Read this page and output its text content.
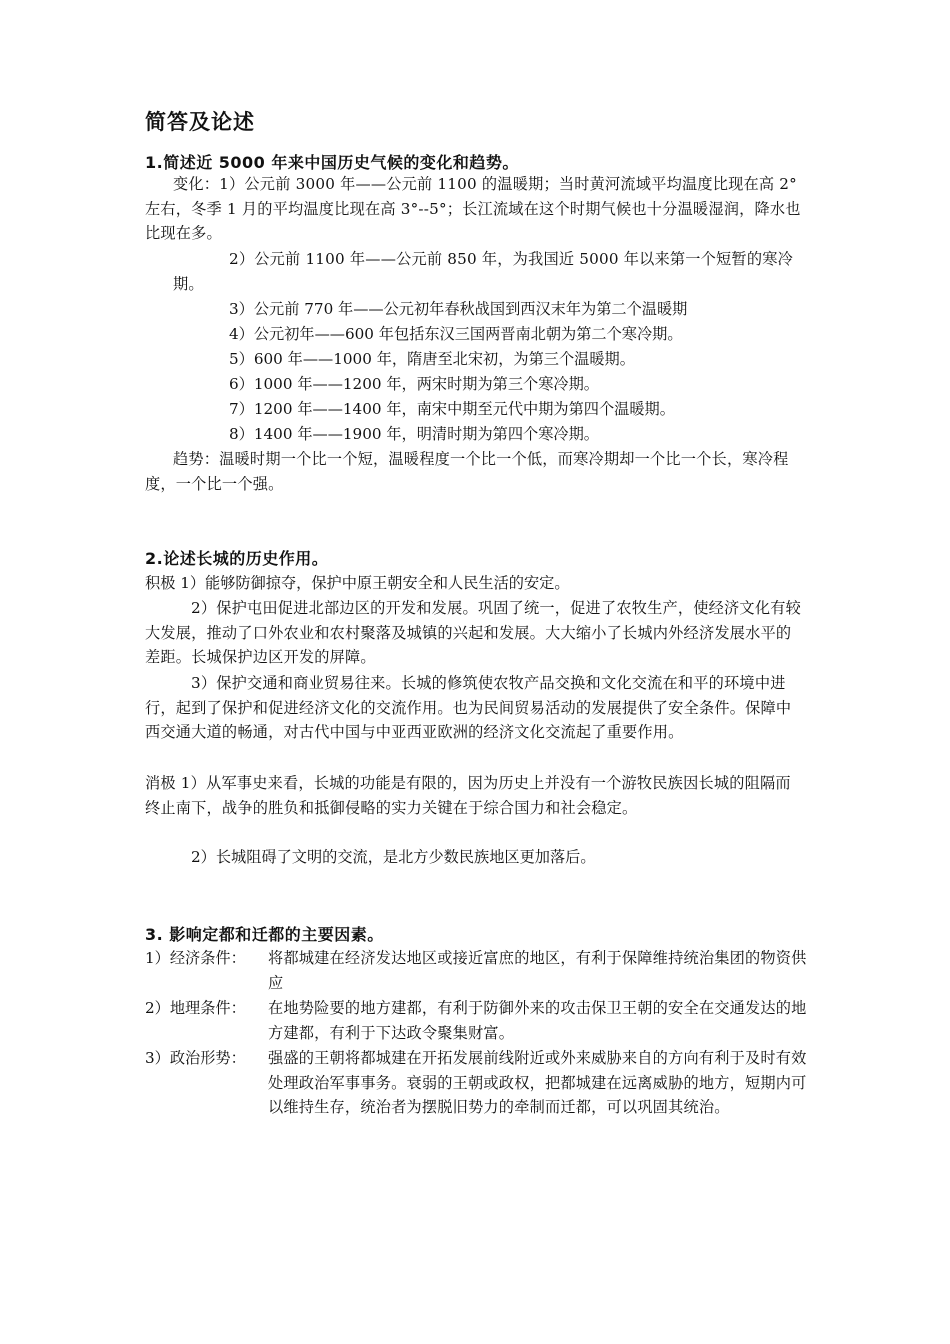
简答及论述
1.简述近 5000 年来中国历史气候的变化和趋势。
变化：1）公元前 3000 年——公元前 1100 的温暖期；当时黄河流域平均温度比现在高 2°左右，冬季 1 月的平均温度比现在高 3°--5°；长江流域在这个时期气候也十分温暖湿润，降水也比现在多。
2）公元前 1100 年——公元前 850 年，为我国近 5000 年以来第一个短暂的寒冷期。
3）公元前 770 年——公元初年春秋战国到西汉末年为第二个温暖期
4）公元初年——600 年包括东汉三国两晋南北朝为第二个寒冷期。
5）600 年——1000 年，隋唐至北宋初，为第三个温暖期。
6）1000 年——1200 年，两宋时期为第三个寒冷期。
7）1200 年——1400 年，南宋中期至元代中期为第四个温暖期。
8）1400 年——1900 年，明清时期为第四个寒冷期。
趋势：温暖时期一个比一个短，温暖程度一个比一个低，而寒冷期却一个比一个长，寒冷程度，一个比一个强。
2.论述长城的历史作用。
积极 1）能够防御掠夺，保护中原王朝安全和人民生活的安定。
2）保护屯田促进北部边区的开发和发展。巩固了统一，促进了农牧生产，使经济文化有较大发展，推动了口外农业和农村聚落及城镇的兴起和发展。大大缩小了长城内外经济发展水平的差距。长城保护边区开发的屏障。
3）保护交通和商业贸易往来。长城的修筑使农牧产品交换和文化交流在和平的环境中进行，起到了保护和促进经济文化的交流作用。也为民间贸易活动的发展提供了安全条件。保障中西交通大道的畅通，对古代中国与中亚西亚欧洲的经济文化交流起了重要作用。
消极 1）从军事史来看，长城的功能是有限的，因为历史上并没有一个游牧民族因长城的阻隔而终止南下，战争的胜负和抵御侵略的实力关键在于综合国力和社会稳定。
2）长城阻碍了文明的交流，是北方少数民族地区更加落后。
3. 影响定都和迁都的主要因素。
1）经济条件： 将都城建在经济发达地区或接近富庶的地区，有利于保障维持统治集团的物资供应
2）地理条件： 在地势险要的地方建都，有利于防御外来的攻击保卫王朝的安全在交通发达的地方建都，有利于下达政令聚集财富。
3）政治形势： 强盛的王朝将都城建在开拓发展前线附近或外来威胁来自的方向有利于及时有效处理政治军事事务。衰弱的王朝或政权，把都城建在远离威胁的地方，短期内可以维持生存，统治者为摆脱旧势力的牵制而迁都，可以巩固其统治。
